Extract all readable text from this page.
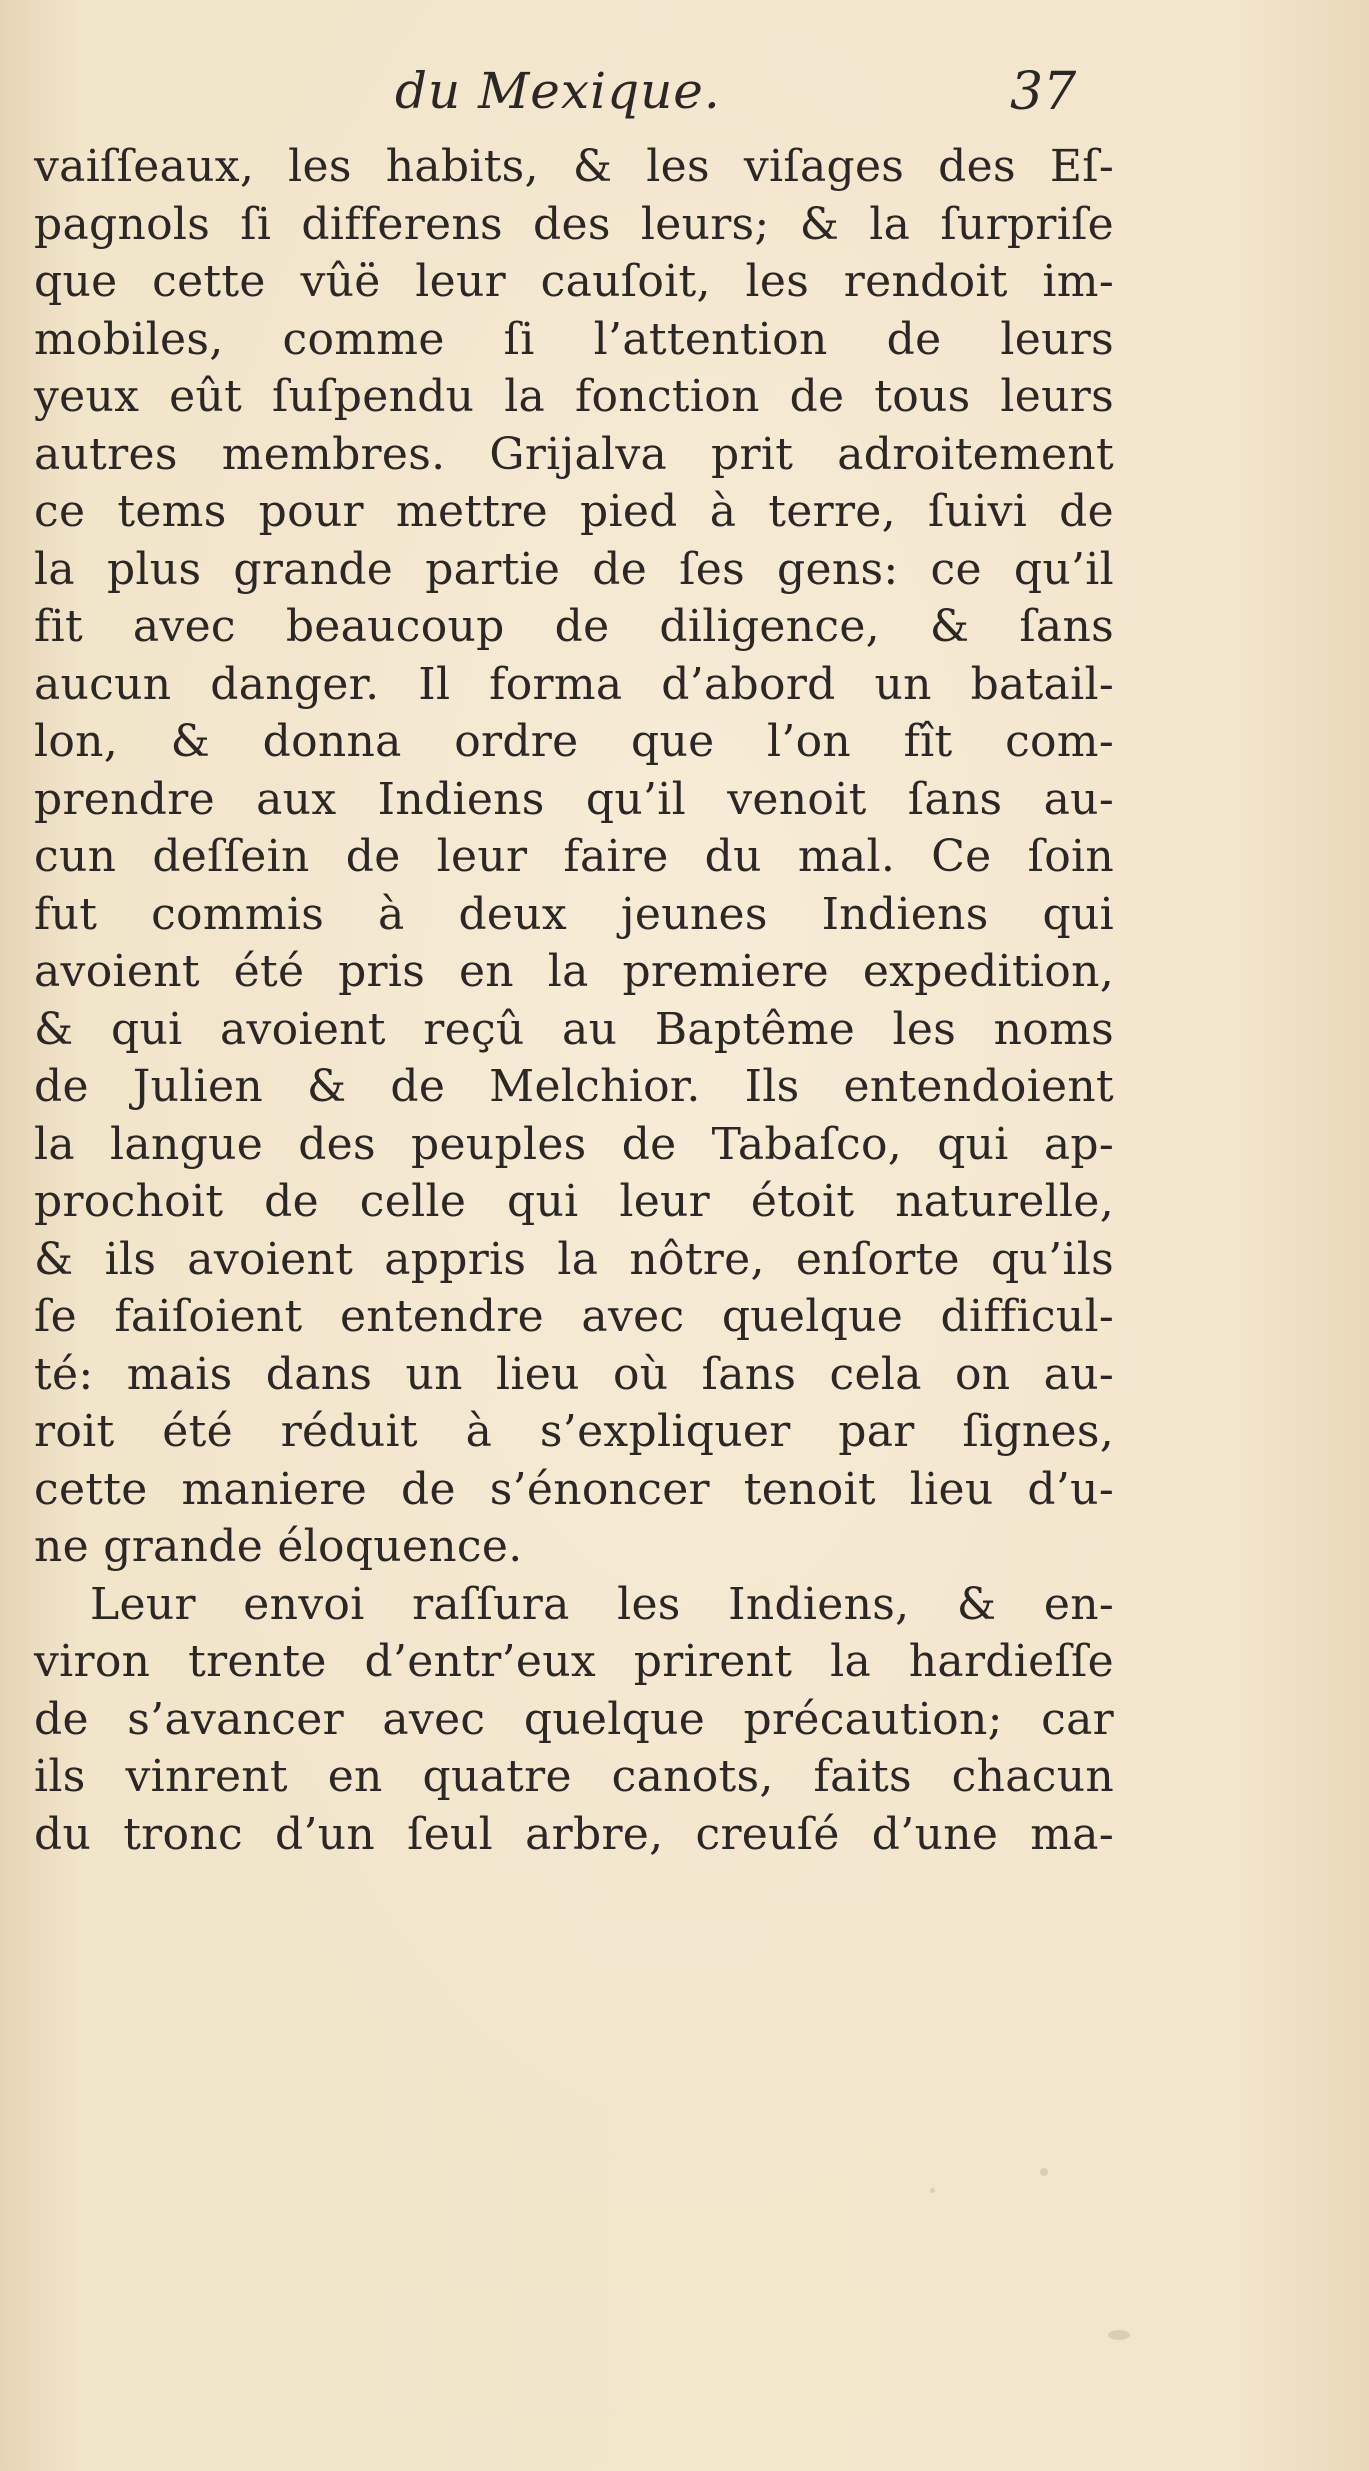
du Mexique.	37
vaiſſeaux, les habits, & les viſages des Eſ-
pagnols ſi differens des leurs; & la ſurpriſe
que cette vûë leur cauſoit, les rendoit im-
mobiles, comme ſi l’attention de leurs
yeux eût ſuſpendu la fonction de tous leurs
autres membres. Grijalva prit adroitement
ce tems pour mettre pied à terre, ſuivi de
la plus grande partie de ſes gens: ce qu’il
fit avec beaucoup de diligence, & ſans
aucun danger. Il forma d’abord un batail-
lon, & donna ordre que l’on fît com-
prendre aux Indiens qu’il venoit ſans au-
cun deſſein de leur faire du mal. Ce ſoin
fut commis à deux jeunes Indiens qui
avoient été pris en la premiere expedition,
& qui avoient reçû au Baptême les noms
de Julien & de Melchior. Ils entendoient
la langue des peuples de Tabaſco, qui ap-
prochoit de celle qui leur étoit naturelle,
& ils avoient appris la nôtre, enſorte qu’ils
ſe faiſoient entendre avec quelque difficul-
té: mais dans un lieu où ſans cela on au-
roit été réduit à s’expliquer par ſignes,
cette maniere de s’énoncer tenoit lieu d’u-
ne grande éloquence.
Leur envoi raſſura les Indiens, & en-
viron trente d’entr’eux prirent la hardieſſe
de s’avancer avec quelque précaution; car
ils vinrent en quatre canots, faits chacun
du tronc d’un ſeul arbre, creuſé d’une ma-
